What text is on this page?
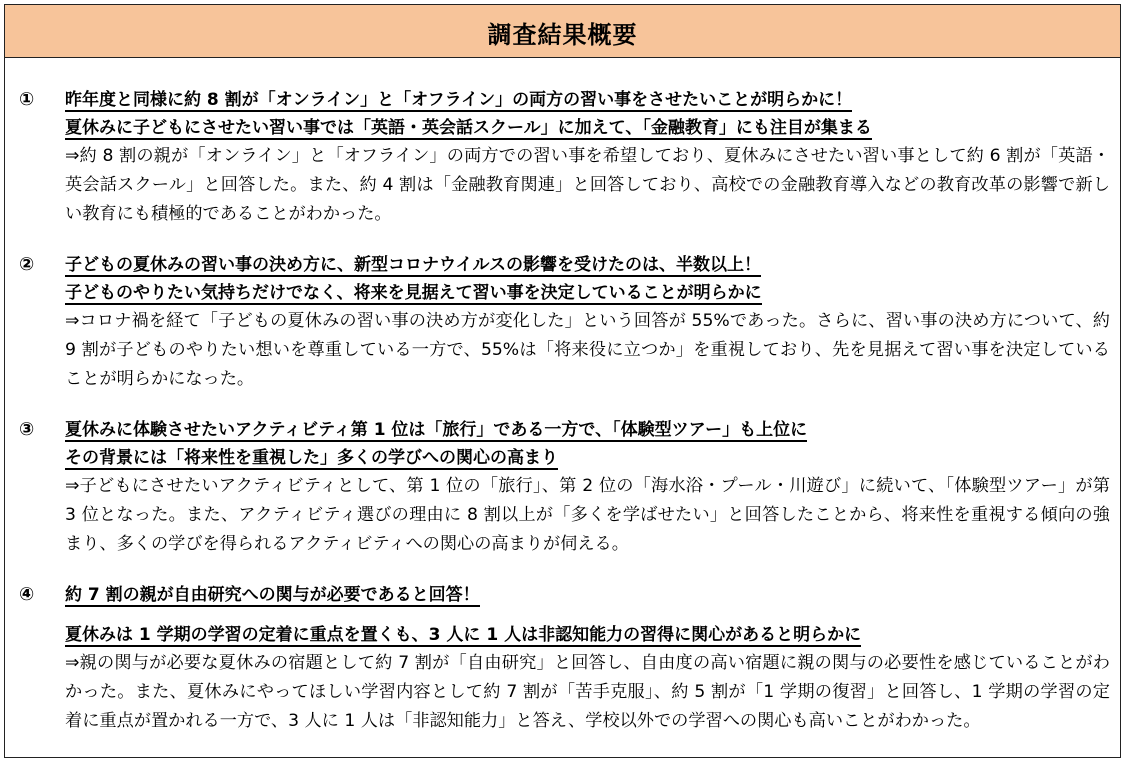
調査結果概要
① 昨年度と同様に約 8 割が「オンライン」と「オフライン」の両方の習い事をさせたいことが明らかに！
夏休みに子どもにさせたい習い事では「英語・英会話スクール」に加えて、「金融教育」にも注目が集まる

⇒約 8 割の親が「オンライン」と「オフライン」の両方での習い事を希望しており、夏休みにさせたい習い事として約 6 割が「英語・英会話スクール」と回答した。また、約 4 割は「金融教育関連」と回答しており、高校での金融教育導入などの教育改革の影響で新しい教育にも積極的であることがわかった。

② 子どもの夏休みの習い事の決め方に、新型コロナウイルスの影響を受けたのは、半数以上！
子どものやりたい気持ちだけでなく、将来を見据えて習い事を決定していることが明らかに

⇒コロナ禍を経て「子どもの夏休みの習い事の決め方が変化した」という回答が 55%であった。さらに、習い事の決め方について、約 9 割が子どものやりたい想いを尊重している一方で、55%は「将来役に立つか」を重視しており、先を見据えて習い事を決定していることが明らかになった。

③ 夏休みに体験させたいアクティビティ第 1 位は「旅行」である一方で、「体験型ツアー」も上位に
その背景には「将来性を重視した」多くの学びへの関心の高まり

⇒子どもにさせたいアクティビティとして、第 1 位の「旅行」、第 2 位の「海水浴・プール・川遊び」に続いて、「体験型ツアー」が第 3 位となった。また、アクティビティ選びの理由に 8 割以上が「多くを学ばせたい」と回答したことから、将来性を重視する傾向の強まり、多くの学びを得られるアクティビティへの関心の高まりが伺える。

④ 約 7 割の親が自由研究への関与が必要であると回答！
夏休みは 1 学期の学習の定着に重点を置くも、3 人に 1 人は非認知能力の習得に関心があると明らかに

⇒親の関与が必要な夏休みの宿題として約 7 割が「自由研究」と回答し、自由度の高い宿題に親の関与の必要性を感じていることがわかった。また、夏休みにやってほしい学習内容として約 7 割が「苦手克服」、約 5 割が「1 学期の復習」と回答し、1 学期の学習の定着に重点が置かれる一方で、3 人に 1 人は「非認知能力」と答え、学校以外での学習への関心も高いことがわかった。
